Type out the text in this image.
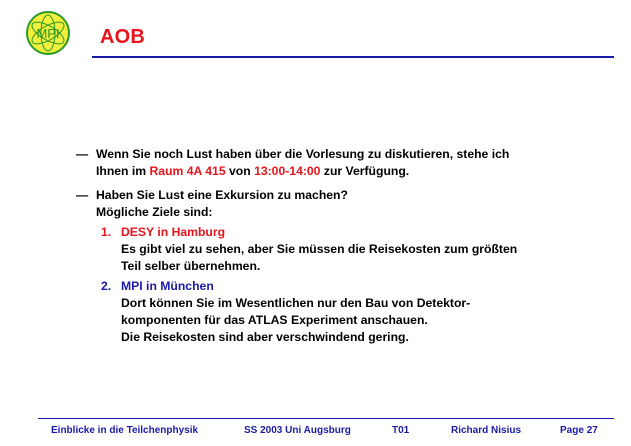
MPI AOB
— Wenn Sie noch Lust haben über die Vorlesung zu diskutieren, stehe ich
Ihnen im Raum 4A 415 von 13:00-14:00 zur Verfügung.
— Haben Sie Lust eine Exkursion zu machen?
Mögliche Ziele sind:
1. DESY in Hamburg
Es gibt viel zu sehen, aber Sie müssen die Reisekosten zum größten
Teil selber übernehmen.
2. MPI in München
Dort können Sie im Wesentlichen nur den Bau von Detektor-
komponenten für das ATLAS Experiment anschauen.
Die Reisekosten sind aber verschwindend gering.
Einblicke in die Teilchenphysik	SS 2003 Uni Augsburg	T01	Richard Nisius	Page 27
